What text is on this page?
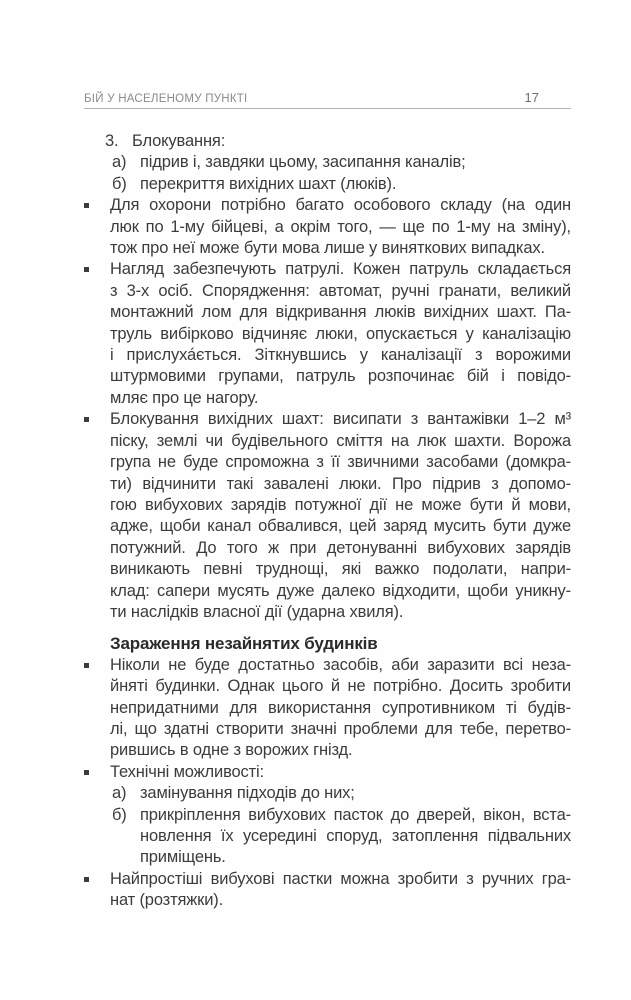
БІЙ У НАСЕЛЕНОМУ ПУНКТІ	17
3. Блокування:
а) підрив і, завдяки цьому, засипання каналів;
б) перекриття вихідних шахт (люків).
Для охорони потрібно багато особового складу (на один
люк по 1-му бійцеві, а окрім того, — ще по 1-му на зміну),
тож про неї може бути мова лише у виняткових випадках.
Нагляд забезпечують патрулі. Кожен патруль складається
з 3-х осіб. Спорядження: автомат, ручні гранати, великий
монтажний лом для відкривання люків вихідних шахт. Па-
труль вибірково відчиняє люки, опускається у каналізацію
і прислуха́ється. Зіткнувшись у каналізації з ворожими
штурмовими групами, патруль розпочинає бій і повідо-
мляє про це нагору.
Блокування вихідних шахт: висипати з вантажівки 1–2 м³
піску, землі чи будівельного сміття на люк шахти. Ворожа
група не буде спроможна з її звичними засобами (домкра-
ти) відчинити такі завалені люки. Про підрив з допомо-
гою вибухових зарядів потужної дії не може бути й мови,
адже, щоби канал обвалився, цей заряд мусить бути дуже
потужний. До того ж при детонуванні вибухових зарядів
виникають певні труднощі, які важко подолати, напри-
клад: сапери мусять дуже далеко відходити, щоби уникну-
ти наслідків власної дії (ударна хвиля).
Зараження незайнятих будинків
Ніколи не буде достатньо засобів, аби заразити всі неза-
йняті будинки. Однак цього й не потрібно. Досить зробити
непридатними для використання супротивником ті будів-
лі, що здатні створити значні проблеми для тебе, перетво-
рившись в одне з ворожих гнізд.
Технічні можливості:
а) замінування підходів до них;
б) прикріплення вибухових пасток до дверей, вікон, вста-
новлення їх усередині споруд, затоплення підвальних
приміщень.
Найпростіші вибухові пастки можна зробити з ручних гра-
нат (розтяжки).
